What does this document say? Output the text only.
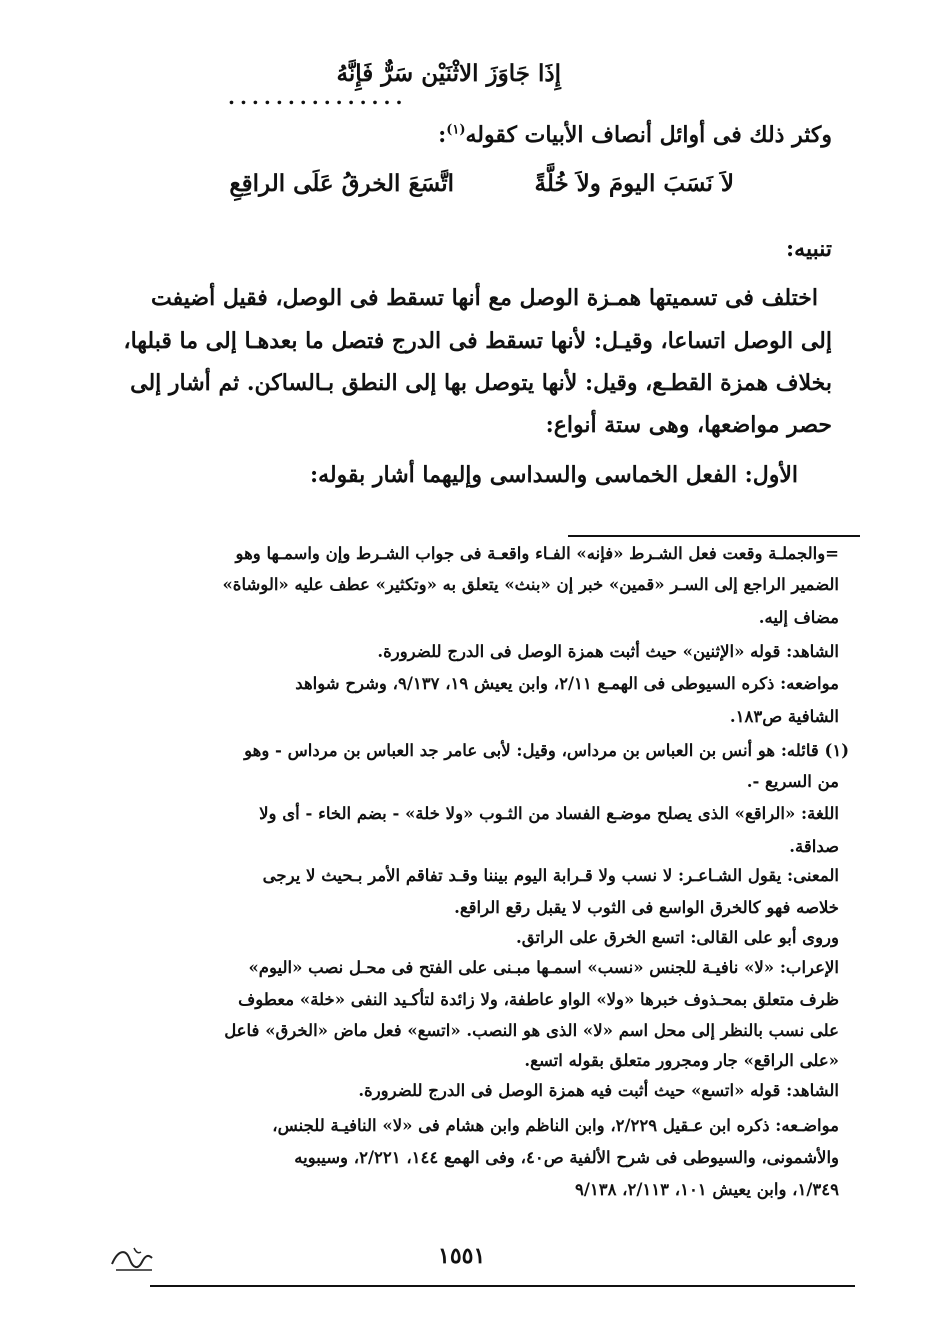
إِذَا جَاوَزَ الاثْنَيْن سَرٌّ فَإِنَّهُ
...............
وكثر ذلك فى أوائل أنصاف الأبيات كقوله$^{(١)}$:
لاَ نَسَبَ اليومَ ولاَ خُلَّةً
اتَّسَعَ الخرقُ عَلَى الراقِعِ
تنبيه:
اختلف فى تسميتها همـزة الوصل مع أنها تسقط فى الوصل، فقيل أضيفت
إلى الوصل اتساعا، وقيـل: لأنها تسقط فى الدرج فتصل ما بعدهـا إلى ما قبلها،
بخلاف همزة القطـع، وقيل: لأنها يتوصل بها إلى النطق بـالساكن. ثم أشار إلى
حصر مواضعها، وهى ستة أنواع:
الأول: الفعل الخماسى والسداسى وإليهما أشار بقوله:
=والجملـة وقعت فعل الشـرط «فإنه» الفـاء واقعـة فى جواب الشـرط وإن واسمـها وهو
الضمير الراجع إلى السـر «قمين» خبر إن «بنث» يتعلق به «وتكثير» عطف عليه «الوشاة»
مضاف إليه.
الشاهد: قوله «الإثنين» حيث أثبت همزة الوصل فى الدرج للضرورة.
مواضعه: ذكره السيوطى فى الهمـع ٢/١١، وابن يعيش ١٩، ٩/١٣٧، وشرح شواهد
الشافية ص١٨٣.
(١) قائله: هو أنس بن العباس بن مرداس، وقيل: لأبى عامر جد العباس بن مرداس - وهو
من السريع -.
اللغة: «الراقع» الذى يصلح موضـع الفساد من الثـوب «ولا خلة» - بضم الخاء - أى ولا
صداقة.
المعنى: يقول الشـاعـر: لا نسب ولا قـرابة اليوم بيننا وقـد تفاقم الأمر بـحيث لا يرجى
خلاصه فهو كالخرق الواسع فى الثوب لا يقبل رقع الراقع.
وروى أبو على القالى: اتسع الخرق على الراتق.
الإعراب: «لا» نافيـة للجنس «نسب» اسمـها مبـنى على الفتح فى محـل نصب «اليوم»
ظرف متعلق بمحـذوف خبرها «ولا» الواو عاطفة، ولا زائدة لتأكـيد النفى «خلة» معطوف
على نسب بالنظر إلى محل اسم «لا» الذى هو النصب. «اتسع» فعل ماض «الخرق» فاعل
«على الراقع» جار ومجرور متعلق بقوله اتسع.
الشاهد: قوله «اتسع» حيث أثبت فيه همزة الوصل فى الدرج للضرورة.
مواضـعه: ذكره ابن عـقيل ٢/٢٢٩، وابن الناظم وابن هشام فى «لا» النافيـة للجنس،
والأشمونى، والسيوطى فى شرح الألفية ص٤٠، وفى الهمع ١٤٤، ٢/٢٢١، وسيبويه
١/٣٤٩، وابن يعيش ١٠١، ٢/١١٣، ٩/١٣٨
١٥٥١
